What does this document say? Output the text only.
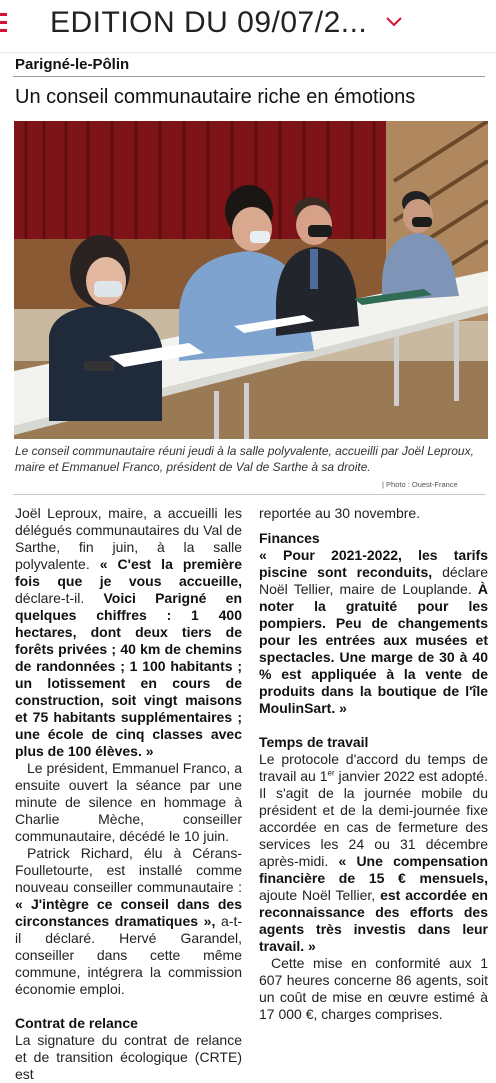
EDITION DU 09/07/2...
Parigné-le-Pôlin
Un conseil communautaire riche en émotions
Le conseil communautaire réuni jeudi à la salle polyvalente, accueilli par Joël Leproux, maire et Emmanuel Franco, président de Val de Sarthe à sa droite.
| Photo : Ouest-France

Joël Leproux, maire, a accueilli les délégués communautaires du Val de Sarthe, fin juin, à la salle polyvalente. « C'est la première fois que je vous accueille, déclare-t-il. Voici Parigné en quelques chiffres : 1 400 hectares, dont deux tiers de forêts privées ; 40 km de chemins de randonnées ; 1 100 habitants ; un lotissement en cours de construction, soit vingt maisons et 75 habitants supplémentaires ; une école de cinq classes avec plus de 100 élèves. »

Le président, Emmanuel Franco, a ensuite ouvert la séance par une minute de silence en hommage à Charlie Mèche, conseiller communautaire, décédé le 10 juin.

Patrick Richard, élu à Cérans-Foulletourte, est installé comme nouveau conseiller communautaire : « J'intègre ce conseil dans des circonstances dramatiques », a-t-il déclaré. Hervé Garandel, conseiller dans cette même commune, intégrera la commission économie emploi.

Contrat de relance

La signature du contrat de relance et de transition écologique (CRTE) est

reportée au 30 novembre.

Finances

« Pour 2021-2022, les tarifs piscine sont reconduits, déclare Noël Tellier, maire de Louplande. À noter la gratuité pour les pompiers. Peu de changements pour les entrées aux musées et spectacles. Une marge de 30 à 40 % est appliquée à la vente de produits dans la boutique de l'île MoulinSart. »

Temps de travail

Le protocole d'accord du temps de travail au 1er janvier 2022 est adopté. Il s'agit de la journée mobile du président et de la demi-journée fixe accordée en cas de fermeture des services les 24 ou 31 décembre après-midi. « Une compensation financière de 15 € mensuels, ajoute Noël Tellier, est accordée en reconnaissance des efforts des agents très investis dans leur travail. »

Cette mise en conformité aux 1 607 heures concerne 86 agents, soit un coût de mise en œuvre estimé à 17 000 €, charges comprises.
